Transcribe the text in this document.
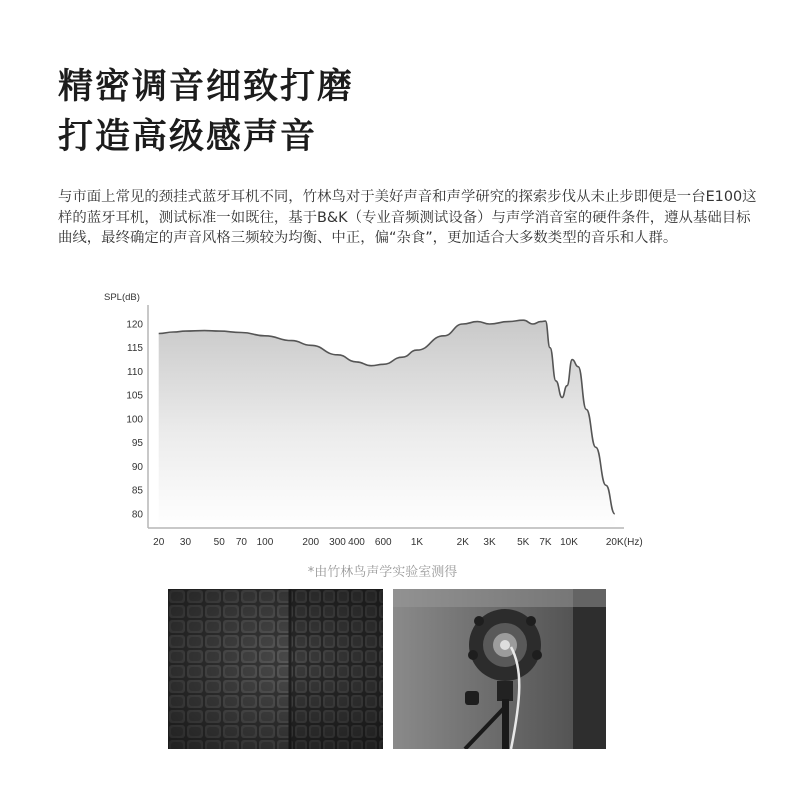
精密调音细致打磨
打造高级感声音

与市面上常见的颈挂式蓝牙耳机不同，竹林鸟对于美好声音和声学研究的探索步伐从未止步即便是一台E100这样的蓝牙耳机，测试标准一如既往，基于B&K（专业音频测试设备）与声学消音室的硬件条件，遵从基础目标曲线，最终确定的声音风格三频较为均衡、中正，偏“杂食”，更加适合大多数类型的音乐和人群。

SPL(dB)
120
115
110
105
100
95
90
85
80
20 30 50 70 100	200 300 400 600 1K	2K 3K 5K 7K 10K	20K (Hz)
*由竹林鸟声学实验室测得
